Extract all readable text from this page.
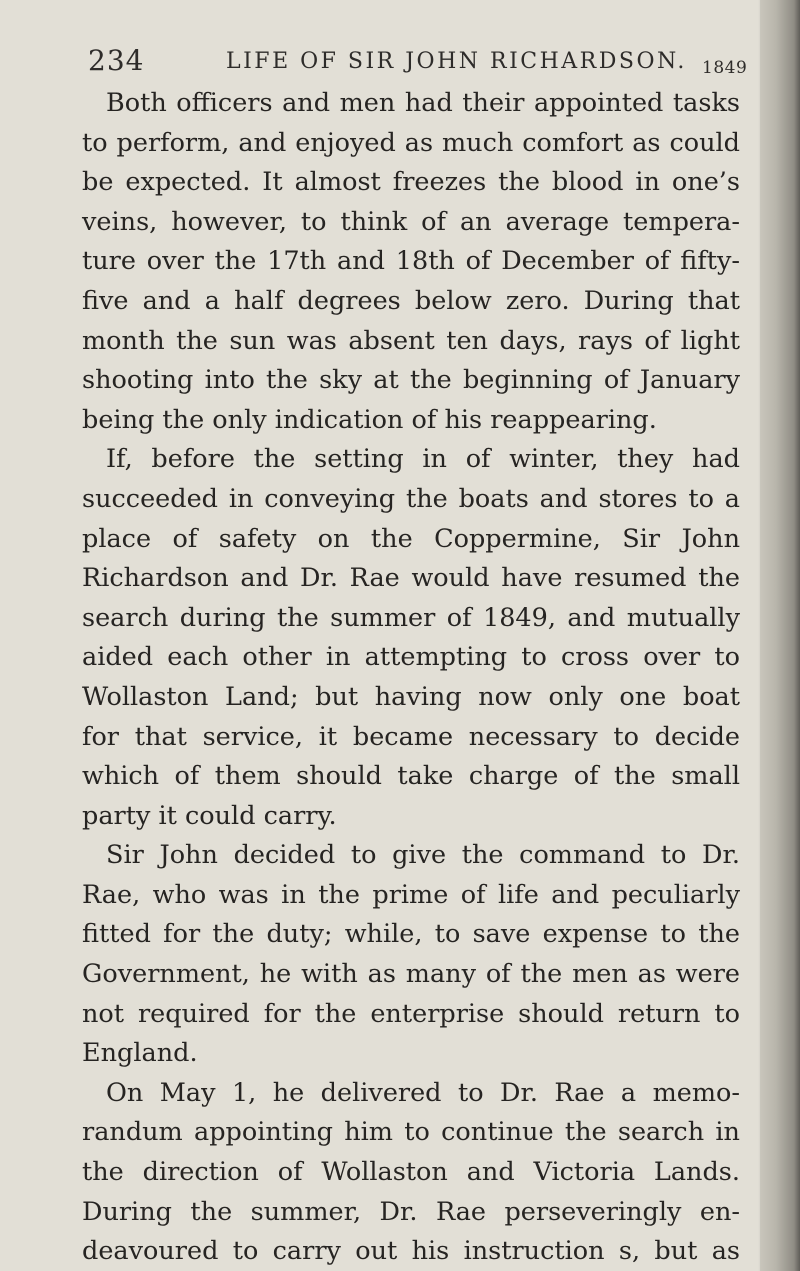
234	LIFE OF SIR JOHN RICHARDSON. 1849
Both officers and men had their appointed tasks
to perform, and enjoyed as much comfort as could
be expected. It almost freezes the blood in one’s
veins, however, to think of an average tempera-
ture over the 17th and 18th of December of fifty-
five and a half degrees below zero. During that
month the sun was absent ten days, rays of light
shooting into the sky at the beginning of January
being the only indication of his reappearing.
If, before the setting in of winter, they had
succeeded in conveying the boats and stores to a
place of safety on the Coppermine, Sir John
Richardson and Dr. Rae would have resumed the
search during the summer of 1849, and mutually
aided each other in attempting to cross over to
Wollaston Land; but having now only one boat
for that service, it became necessary to decide
which of them should take charge of the small
party it could carry.
Sir John decided to give the command to Dr.
Rae, who was in the prime of life and peculiarly
fitted for the duty; while, to save expense to the
Government, he with as many of the men as were
not required for the enterprise should return to
England.
On May 1, he delivered to Dr. Rae a memo-
randum appointing him to continue the search in
the direction of Wollaston and Victoria Lands.
During the summer, Dr. Rae perseveringly en-
deavoured to carry out his instruction s, but as
